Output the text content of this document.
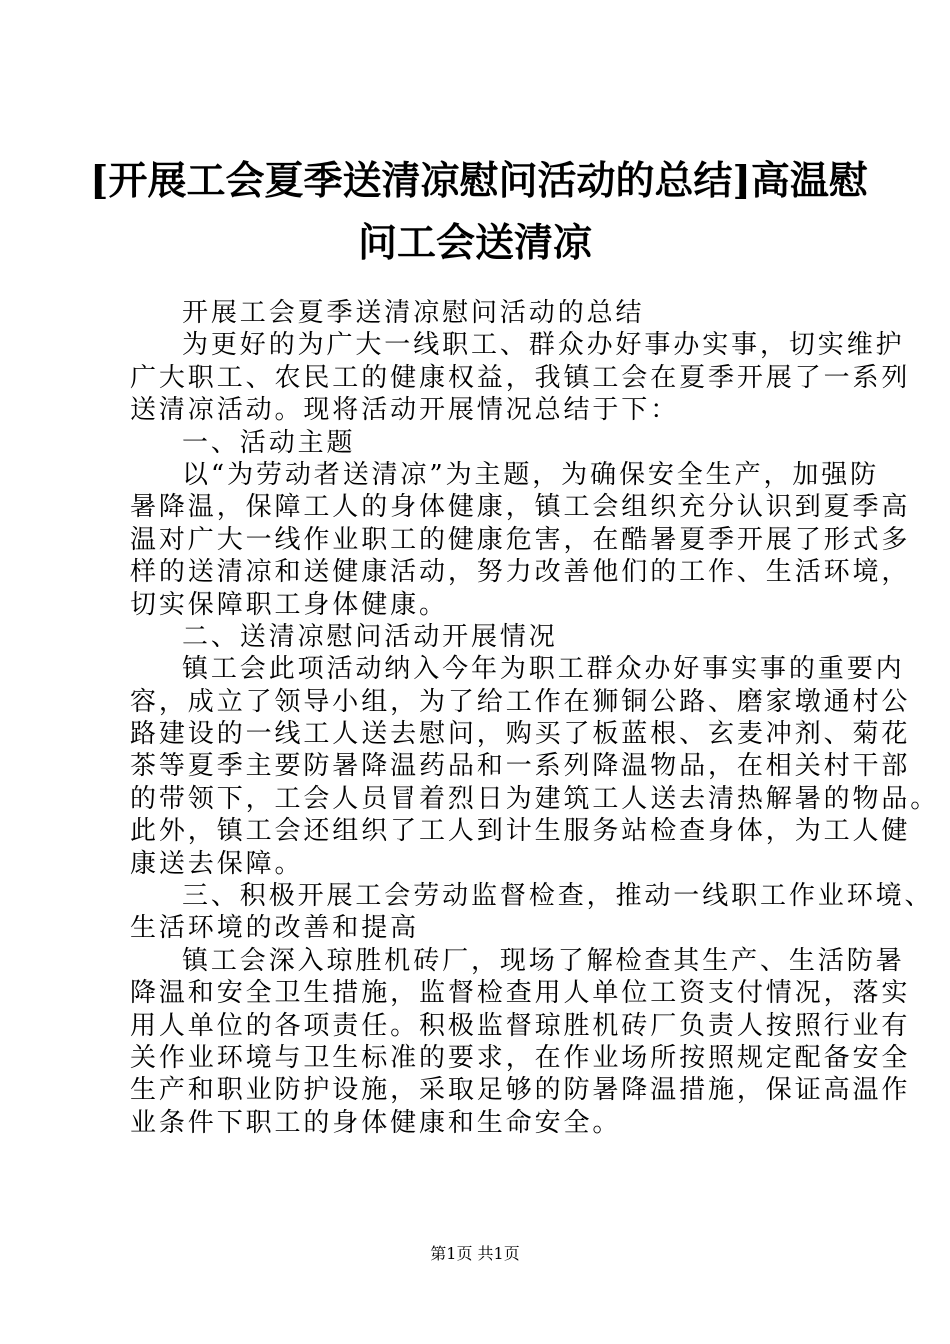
[开展工会夏季送清凉慰问活动的总结]高温慰
问工会送清凉
开展工会夏季送清凉慰问活动的总结
为更好的为广大一线职工、群众办好事办实事，切实维护
广大职工、农民工的健康权益，我镇工会在夏季开展了一系列
送清凉活动。现将活动开展情况总结于下：
一、活动主题
以“为劳动者送清凉”为主题，为确保安全生产，加强防
暑降温，保障工人的身体健康，镇工会组织充分认识到夏季高
温对广大一线作业职工的健康危害，在酷暑夏季开展了形式多
样的送清凉和送健康活动，努力改善他们的工作、生活环境，
切实保障职工身体健康。
二、送清凉慰问活动开展情况
镇工会此项活动纳入今年为职工群众办好事实事的重要内
容，成立了领导小组，为了给工作在狮铜公路、磨家墩通村公
路建设的一线工人送去慰问，购买了板蓝根、玄麦冲剂、菊花
茶等夏季主要防暑降温药品和一系列降温物品，在相关村干部
的带领下，工会人员冒着烈日为建筑工人送去清热解暑的物品。
此外，镇工会还组织了工人到计生服务站检查身体，为工人健
康送去保障。
三、积极开展工会劳动监督检查，推动一线职工作业环境、
生活环境的改善和提高
镇工会深入琼胜机砖厂，现场了解检查其生产、生活防暑
降温和安全卫生措施，监督检查用人单位工资支付情况，落实
用人单位的各项责任。积极监督琼胜机砖厂负责人按照行业有
关作业环境与卫生标准的要求，在作业场所按照规定配备安全
生产和职业防护设施，采取足够的防暑降温措施，保证高温作
业条件下职工的身体健康和生命安全。
第1页 共1页
